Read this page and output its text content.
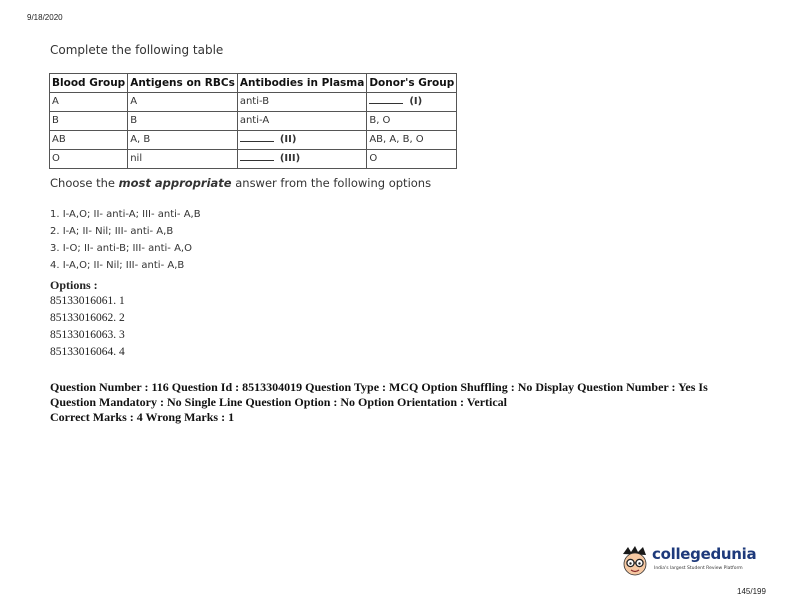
9/18/2020
Complete the following table
Blood Group	Antigens on RBCs	Antibodies in Plasma	Donor's Group
A	A	anti-B	(I)
B	B	anti-A	B, O
AB	A, B	(II)	AB, A, B, O
O	nil	(III)	O
Choose the most appropriate answer from the following options
1. I-A,O; II- anti-A; III- anti- A,B
2. I-A; II- Nil; III- anti- A,B
3. I-O; II- anti-B; III- anti- A,O
4. I-A,O; II- Nil; III- anti- A,B
Options :
85133016061. 1
85133016062. 2
85133016063. 3
85133016064. 4
Question Number : 116 Question Id : 8513304019 Question Type : MCQ Option Shuffling : No Display Question Number : Yes Is
Question Mandatory : No Single Line Question Option : No Option Orientation : Vertical
Correct Marks : 4 Wrong Marks : 1
collegedunia
India's largest Student Review Platform
145/199
